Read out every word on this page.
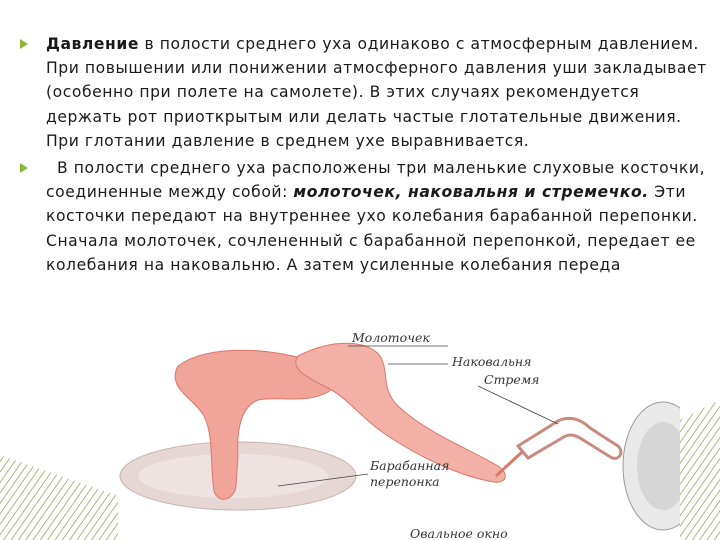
Давление в полости среднего уха одинаково с атмосферным давлением. При повышении или понижении атмосферного давления уши закладывает (особенно при полете на самолете). В этих случаях рекомендуется держать рот приоткрытым или делать частые глотательные движения. При глотании давление в среднем ухе выравнивается.
В полости среднего уха расположены три маленькие слуховые косточки, соединенные между собой: молоточек, наковальня и стремечко. Эти косточки передают на внутреннее ухо колебания барабанной перепонки. Сначала молоточек, сочлененный с барабанной перепонкой, передает ее колебания на наковальню. А затем усиленные колебания переда
Молоточек
Наковальня
Стремя
Барабанная
перепонка
Овальное окно
